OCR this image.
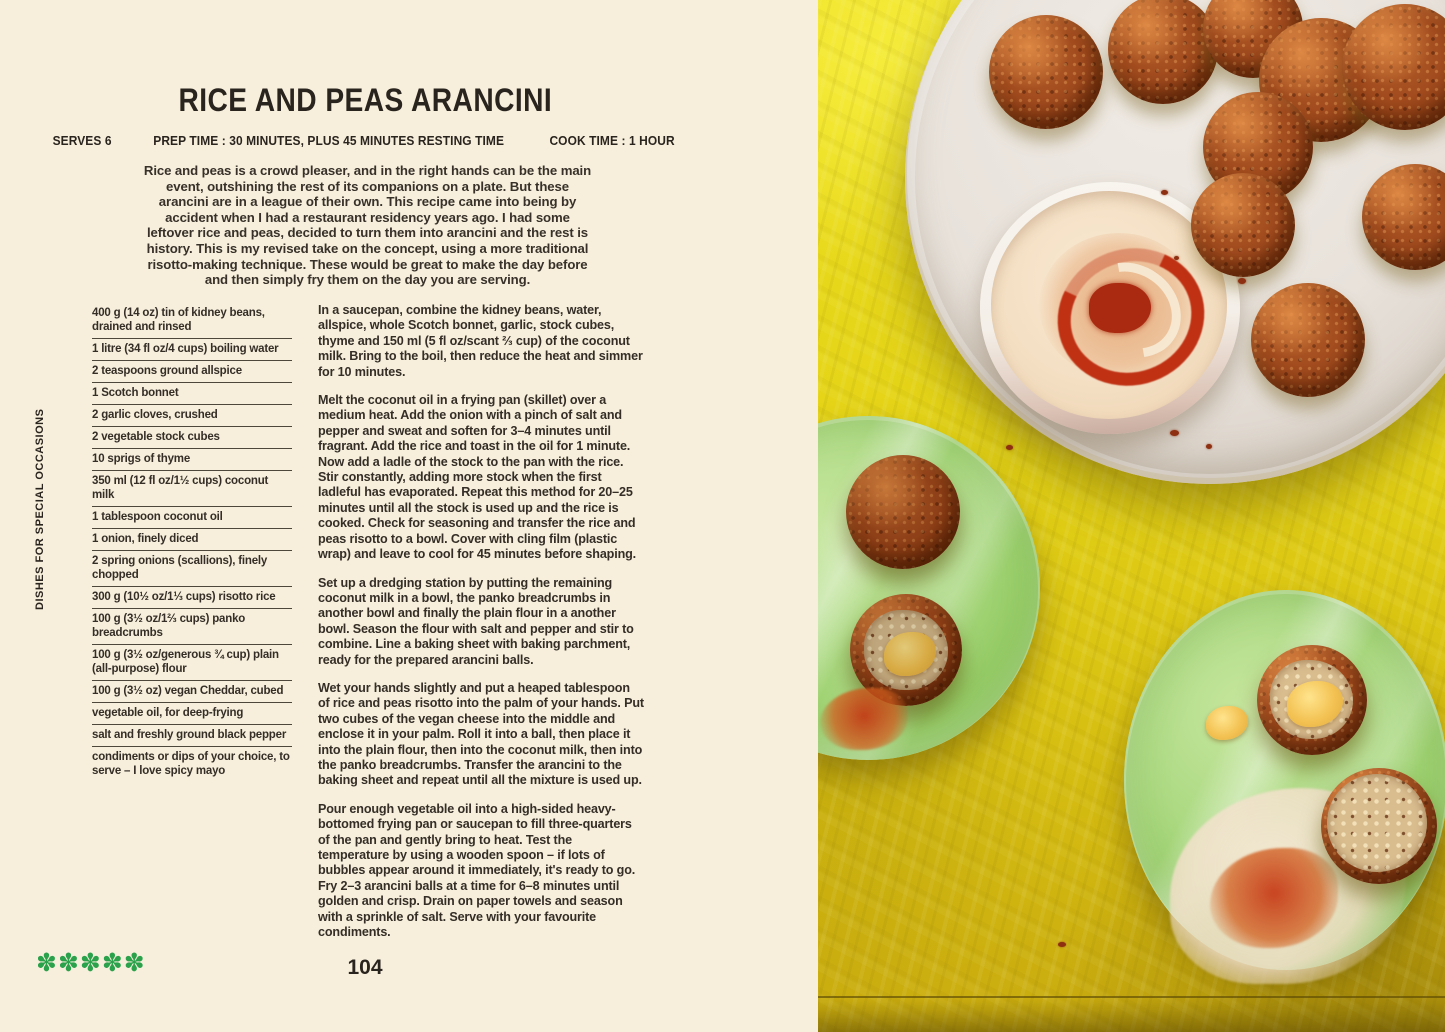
DISHES FOR SPECIAL OCCASIONS
RICE AND PEAS ARANCINI
SERVES 6	PREP TIME : 30 MINUTES, PLUS 45 MINUTES RESTING TIME	COOK TIME : 1 HOUR

Rice and peas is a crowd pleaser, and in the right hands can be the main event, outshining the rest of its companions on a plate. But these arancini are in a league of their own. This recipe came into being by accident when I had a restaurant residency years ago. I had some leftover rice and peas, decided to turn them into arancini and the rest is history. This is my revised take on the concept, using a more traditional risotto-making technique. These would be great to make the day before and then simply fry them on the day you are serving.

400 g (14 oz) tin of kidney beans, drained and rinsed
1 litre (34 fl oz/4 cups) boiling water
2 teaspoons ground allspice
1 Scotch bonnet
2 garlic cloves, crushed
2 vegetable stock cubes
10 sprigs of thyme
350 ml (12 fl oz/1½ cups) coconut milk
1 tablespoon coconut oil
1 onion, finely diced
2 spring onions (scallions), finely chopped
300 g (10½ oz/1⅓ cups) risotto rice
100 g (3½ oz/1⅔ cups) panko breadcrumbs
100 g (3½ oz/generous ¾ cup) plain (all-purpose) flour
100 g (3½ oz) vegan Cheddar, cubed
vegetable oil, for deep-frying
salt and freshly ground black pepper
condiments or dips of your choice, to serve – I love spicy mayo

In a saucepan, combine the kidney beans, water, allspice, whole Scotch bonnet, garlic, stock cubes, thyme and 150 ml (5 fl oz/scant ⅔ cup) of the coconut milk. Bring to the boil, then reduce the heat and simmer for 10 minutes.

Melt the coconut oil in a frying pan (skillet) over a medium heat. Add the onion with a pinch of salt and pepper and sweat and soften for 3–4 minutes until fragrant. Add the rice and toast in the oil for 1 minute. Now add a ladle of the stock to the pan with the rice. Stir constantly, adding more stock when the first ladleful has evaporated. Repeat this method for 20–25 minutes until all the stock is used up and the rice is cooked. Check for seasoning and transfer the rice and peas risotto to a bowl. Cover with cling film (plastic wrap) and leave to cool for 45 minutes before shaping.

Set up a dredging station by putting the remaining coconut milk in a bowl, the panko breadcrumbs in another bowl and finally the plain flour in a another bowl. Season the flour with salt and pepper and stir to combine. Line a baking sheet with baking parchment, ready for the prepared arancini balls.

Wet your hands slightly and put a heaped tablespoon of rice and peas risotto into the palm of your hands. Put two cubes of the vegan cheese into the middle and enclose it in your palm. Roll it into a ball, then place it into the plain flour, then into the coconut milk, then into the panko breadcrumbs. Transfer the arancini to the baking sheet and repeat until all the mixture is used up.

Pour enough vegetable oil into a high-sided heavy-bottomed frying pan or saucepan to fill three-quarters of the pan and gently bring to heat. Test the temperature by using a wooden spoon – if lots of bubbles appear around it immediately, it's ready to go. Fry 2–3 arancini balls at a time for 6–8 minutes until golden and crisp. Drain on paper towels and season with a sprinkle of salt. Serve with your favourite condiments.

✽✽✽✽✽	104
